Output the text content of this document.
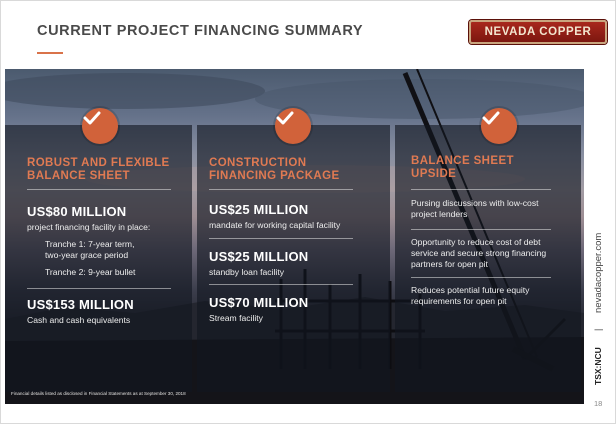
CURRENT PROJECT FINANCING SUMMARY	NEVADA COPPER
ROBUST AND FLEXIBLE
BALANCE SHEET
US$80 MILLION
project financing facility in place:
Tranche 1: 7-year term,
two-year grace period
Tranche 2: 9-year bullet
US$153 MILLION
Cash and cash equivalents
CONSTRUCTION
FINANCING PACKAGE
US$25 MILLION
mandate for working capital facility
US$25 MILLION
standby loan facility
US$70 MILLION
Stream facility
BALANCE SHEET
UPSIDE
Pursing discussions with low-cost
project lenders
Opportunity to reduce cost of debt
service and secure strong financing
partners for open pit
Reduces potential future equity
requirements for open pit
Financial details listed as disclosed in Financial Statements as at September 30, 2018
nevadacopper.com
|
TSX:NCU
18
